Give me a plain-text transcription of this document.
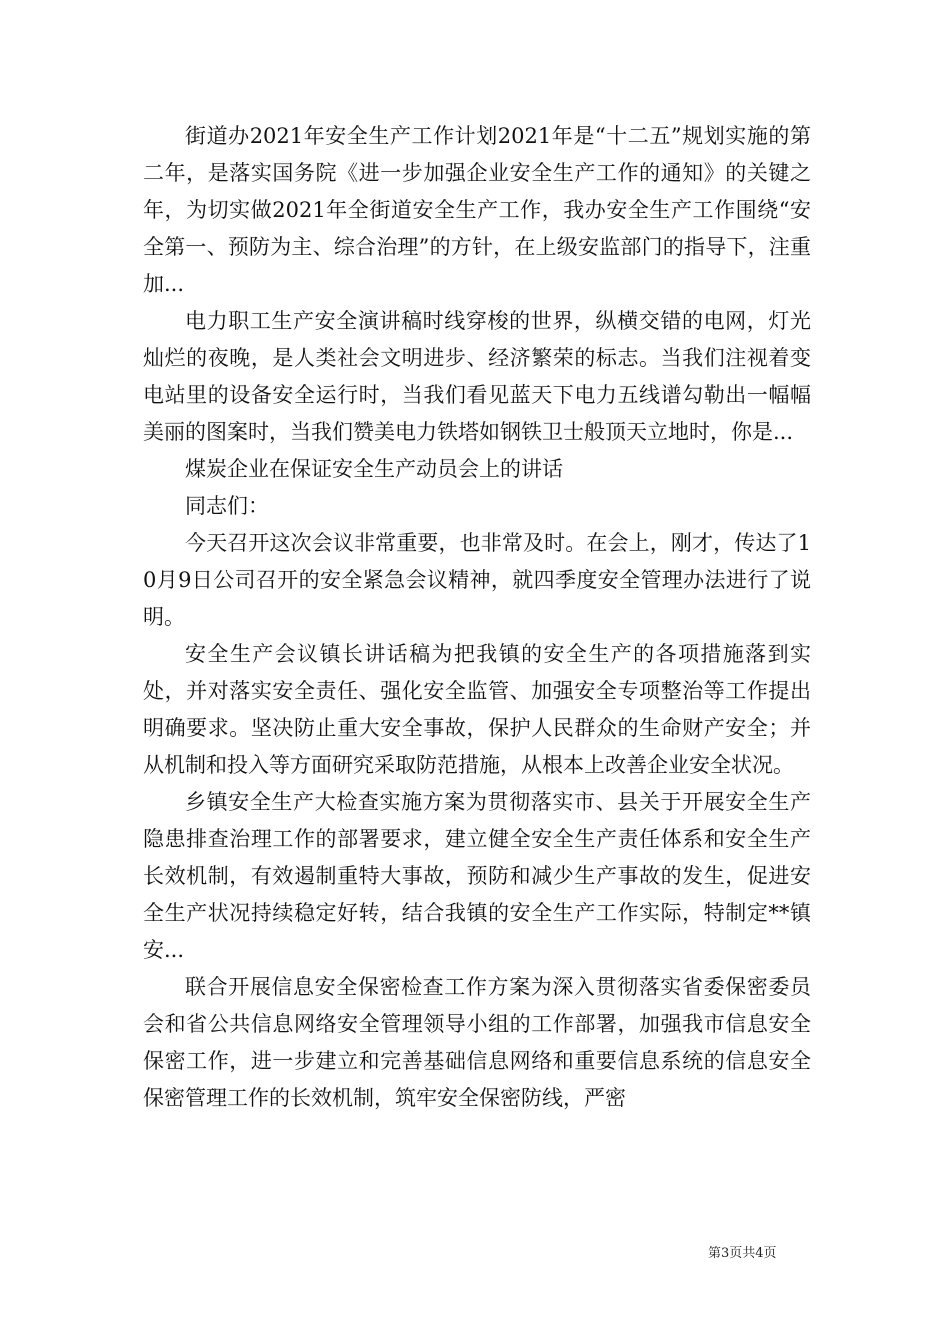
街道办2021年安全生产工作计划2021年是“十二五”规划实施的第二年，是落实国务院《进一步加强企业安全生产工作的通知》的关键之年，为切实做2021年全街道安全生产工作，我办安全生产工作围绕“安全第一、预防为主、综合治理”的方针，在上级安监部门的指导下，注重加...

电力职工生产安全演讲稿时线穿梭的世界，纵横交错的电网，灯光灿烂的夜晚，是人类社会文明进步、经济繁荣的标志。当我们注视着变电站里的设备安全运行时，当我们看见蓝天下电力五线谱勾勒出一幅幅美丽的图案时，当我们赞美电力铁塔如钢铁卫士般顶天立地时，你是...

煤炭企业在保证安全生产动员会上的讲话

同志们：

今天召开这次会议非常重要，也非常及时。在会上，刚才，传达了10月9日公司召开的安全紧急会议精神，就四季度安全管理办法进行了说明。

安全生产会议镇长讲话稿为把我镇的安全生产的各项措施落到实处，并对落实安全责任、强化安全监管、加强安全专项整治等工作提出明确要求。坚决防止重大安全事故，保护人民群众的生命财产安全；并从机制和投入等方面研究采取防范措施，从根本上改善企业安全状况。

乡镇安全生产大检查实施方案为贯彻落实市、县关于开展安全生产隐患排查治理工作的部署要求，建立健全安全生产责任体系和安全生产长效机制，有效遏制重特大事故，预防和减少生产事故的发生，促进安全生产状况持续稳定好转，结合我镇的安全生产工作实际，特制定**镇安...

联合开展信息安全保密检查工作方案为深入贯彻落实省委保密委员会和省公共信息网络安全管理领导小组的工作部署，加强我市信息安全保密工作，进一步建立和完善基础信息网络和重要信息系统的信息安全保密管理工作的长效机制，筑牢安全保密防线，严密

第3页共4页
